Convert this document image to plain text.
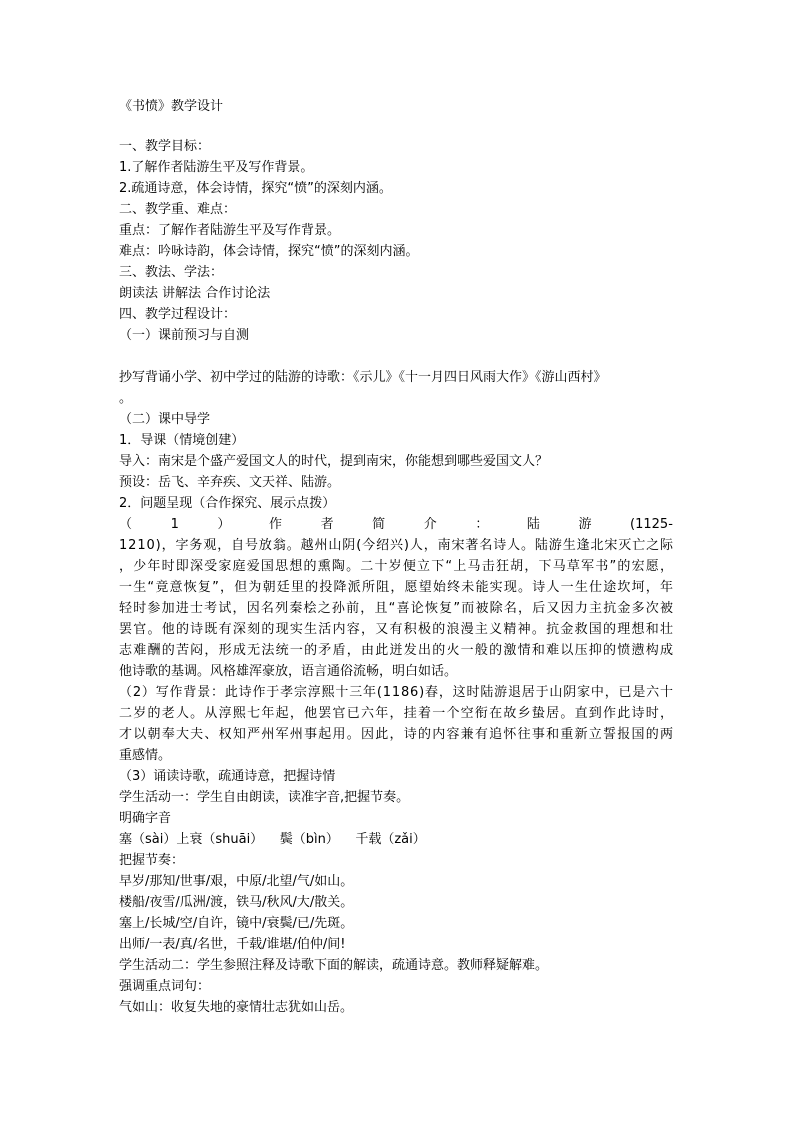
《书愤》教学设计
一、教学目标：
1.了解作者陆游生平及写作背景。
2.疏通诗意，体会诗情，探究“愤”的深刻内涵。
二、教学重、难点：
重点：了解作者陆游生平及写作背景。
难点：吟咏诗韵，体会诗情，探究“愤”的深刻内涵。
三、教法、学法：
朗读法 讲解法 合作讨论法
四、教学过程设计：
（一）课前预习与自测
抄写背诵小学、初中学过的陆游的诗歌：《示儿》《十一月四日风雨大作》《游山西村》
。
（二）课中导学
1．导课（情境创建）
导入：南宋是个盛产爱国文人的时代，提到南宋，你能想到哪些爱国文人？
预设：岳飞、辛弃疾、文天祥、陆游。
2．问题呈现（合作探究、展示点拨）
（	1	）	作	者	简	介	：	陆	游	(1125-
1210)，字务观，自号放翁。越州山阴(今绍兴)人，南宋著名诗人。陆游生逢北宋灭亡之际
，少年时即深受家庭爱国思想的熏陶。二十岁便立下“上马击狂胡，下马草军书”的宏愿，
一生“竟意恢复”，但为朝廷里的投降派所阻，愿望始终未能实现。诗人一生仕途坎坷，年
轻时参加进士考试，因名列秦桧之孙前，且“喜论恢复”而被除名，后又因力主抗金多次被
罢官。他的诗既有深刻的现实生活内容，又有积极的浪漫主义精神。抗金救国的理想和壮
志难酬的苦闷，形成无法统一的矛盾，由此迸发出的火一般的激情和难以压抑的愤懑构成
他诗歌的基调。风格雄浑豪放，语言通俗流畅，明白如话。
（2）写作背景：此诗作于孝宗淳熙十三年(1186)春，这时陆游退居于山阴家中，已是六十
二岁的老人。从淳熙七年起，他罢官已六年，挂着一个空衔在故乡蛰居。直到作此诗时，
才以朝奉大夫、权知严州军州事起用。因此，诗的内容兼有追怀往事和重新立誓报国的两
重感情。
（3）诵读诗歌，疏通诗意，把握诗情
学生活动一：学生自由朗读，读准字音,把握节奏。
明确字音
塞（sài）上衰（shuāi）    鬓（bìn）    千载（zǎi）
把握节奏：
早岁/那知/世事/艰，中原/北望/气/如山。
楼船/夜雪/瓜洲/渡，铁马/秋风/大/散关。
塞上/长城/空/自许，镜中/衰鬓/已/先斑。
出师/一表/真/名世，千载/谁堪/伯仲/间!
学生活动二：学生参照注释及诗歌下面的解读，疏通诗意。教师释疑解难。
强调重点词句：
气如山：收复失地的豪情壮志犹如山岳。
